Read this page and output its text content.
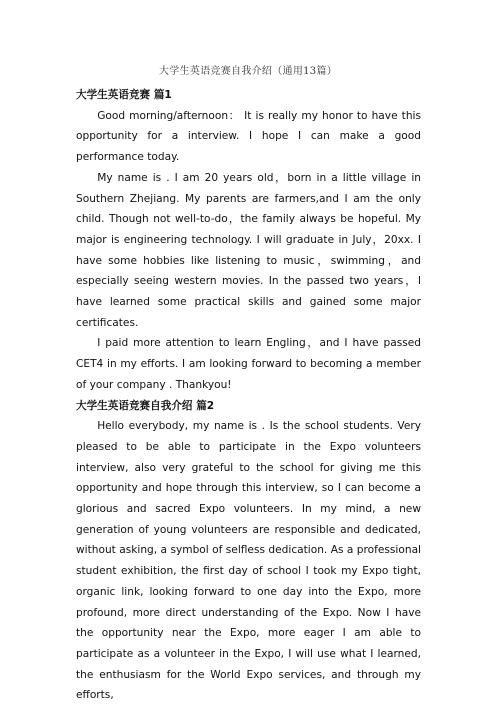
大学生英语竞赛自我介绍（通用13篇）
大学生英语竞赛 篇1

Good morning/afternoon： It is really my honor to have this opportunity for a interview. I hope I can make a good performance today.

My name is . I am 20 years old，born in a little village in Southern Zhejiang. My parents are farmers,and I am the only child. Though not well-to-do，the family always be hopeful. My major is engineering technology. I will graduate in July，20xx. I have some hobbies like listening to music，swimming，and especially seeing western movies. In the passed two years，I have learned some practical skills and gained some major certificates.

I paid more attention to learn Engling，and I have passed CET4 in my efforts. I am looking forward to becoming a member of your company . Thankyou!

大学生英语竞赛自我介绍 篇2

Hello everybody, my name is . Is the school students. Very pleased to be able to participate in the Expo volunteers interview, also very grateful to the school for giving me this opportunity and hope through this interview, so I can become a glorious and sacred Expo volunteers. In my mind, a new generation of young volunteers are responsible and dedicated, without asking, a symbol of selfless dedication. As a professional student exhibition, the first day of school I took my Expo tight, organic link, looking forward to one day into the Expo, more profound, more direct understanding of the Expo. Now I have the opportunity near the Expo, more eager I am able to participate as a volunteer in the Expo, I will use what I learned, the enthusiasm for the World Expo services, and through my efforts,
